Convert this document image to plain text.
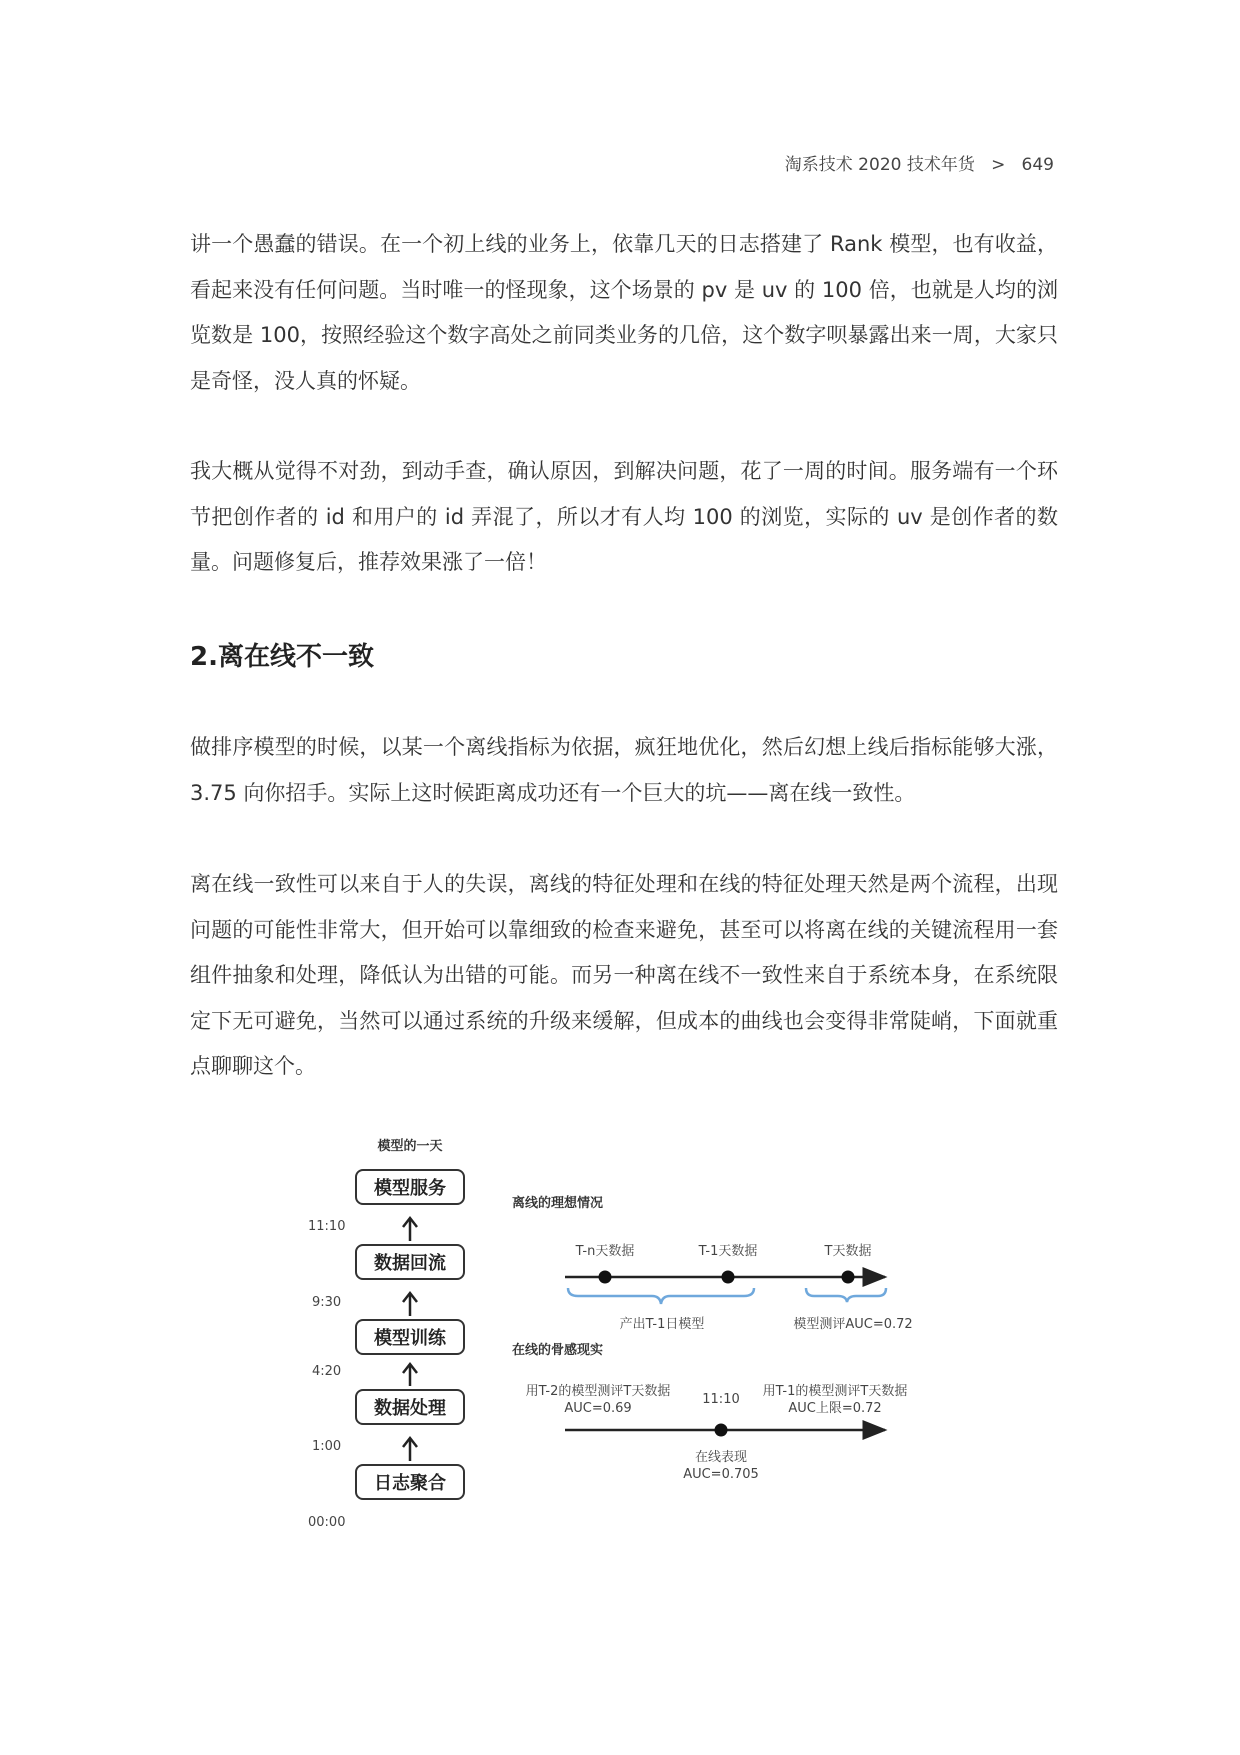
淘系技术 2020 技术年货 > 649

讲一个愚蠢的错误。在一个初上线的业务上，依靠几天的日志搭建了 Rank 模型，也有收益，看起来没有任何问题。当时唯一的怪现象，这个场景的 pv 是 uv 的 100 倍，也就是人均的浏览数是 100，按照经验这个数字高处之前同类业务的几倍，这个数字呗暴露出来一周，大家只是奇怪，没人真的怀疑。

我大概从觉得不对劲，到动手查，确认原因，到解决问题，花了一周的时间。服务端有一个环节把创作者的 id 和用户的 id 弄混了，所以才有人均 100 的浏览，实际的 uv 是创作者的数量。问题修复后，推荐效果涨了一倍！

2.离在线不一致

做排序模型的时候，以某一个离线指标为依据，疯狂地优化，然后幻想上线后指标能够大涨，3.75 向你招手。实际上这时候距离成功还有一个巨大的坑——离在线一致性。

离在线一致性可以来自于人的失误，离线的特征处理和在线的特征处理天然是两个流程，出现问题的可能性非常大，但开始可以靠细致的检查来避免，甚至可以将离在线的关键流程用一套组件抽象和处理，降低认为出错的可能。而另一种离在线不一致性来自于系统本身，在系统限定下无可避免，当然可以通过系统的升级来缓解，但成本的曲线也会变得非常陡峭，下面就重点聊聊这个。

模型的一天
模型服务
数据回流
模型训练
数据处理
日志聚合
11:10
9:30
4:20
1:00
00:00
离线的理想情况
T-n天数据	T-1天数据	T天数据
产出T-1日模型	模型测评AUC=0.72
在线的骨感现实
用T-2的模型测评T天数据
AUC=0.69
11:10
用T-1的模型测评T天数据
AUC上限=0.72
在线表现
AUC=0.705
